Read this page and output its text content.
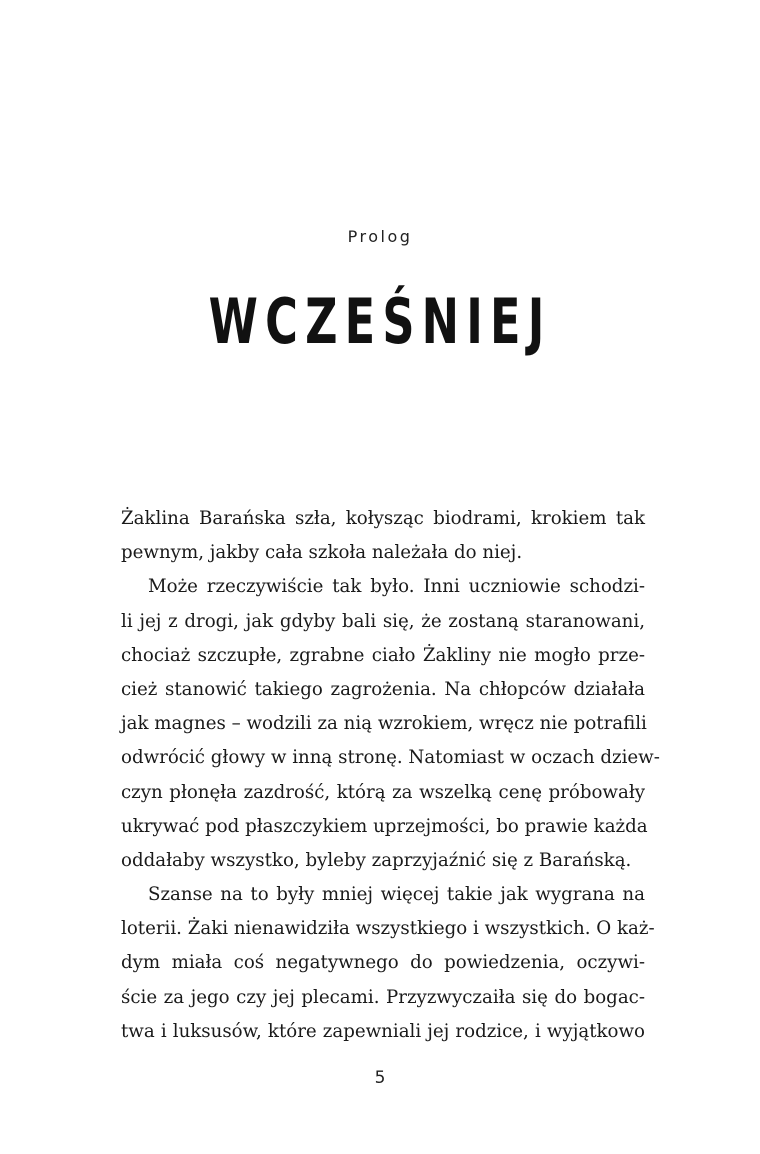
Prolog
WCZEŚNIEJ
Żaklina Barańska szła, kołysząc biodrami, krokiem tak
pewnym, jakby cała szkoła należała do niej.
Może rzeczywiście tak było. Inni uczniowie schodzi-
li jej z drogi, jak gdyby bali się, że zostaną staranowani,
chociaż szczupłe, zgrabne ciało Żakliny nie mogło prze-
cież stanowić takiego zagrożenia. Na chłopców działała
jak magnes – wodzili za nią wzrokiem, wręcz nie potrafili
odwrócić głowy w inną stronę. Natomiast w oczach dziew-
czyn płonęła zazdrość, którą za wszelką cenę próbowały
ukrywać pod płaszczykiem uprzejmości, bo prawie każda
oddałaby wszystko, byleby zaprzyjaźnić się z Barańską.
Szanse na to były mniej więcej takie jak wygrana na
loterii. Żaki nienawidziła wszystkiego i wszystkich. O każ-
dym miała coś negatywnego do powiedzenia, oczywi-
ście za jego czy jej plecami. Przyzwyczaiła się do bogac-
twa i luksusów, które zapewniali jej rodzice, i wyjątkowo
5
